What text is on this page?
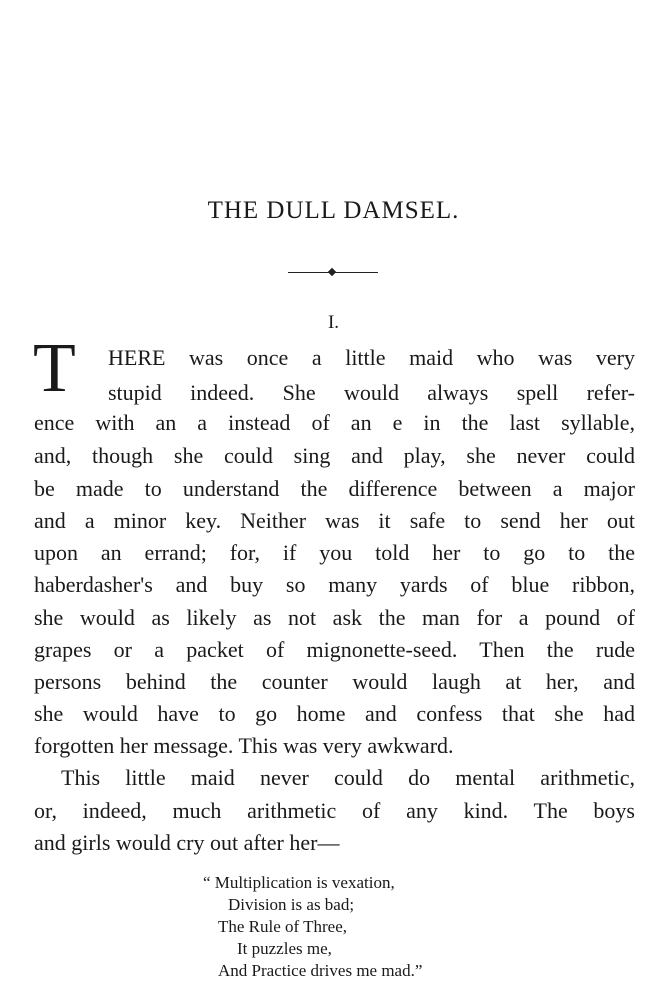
THE DULL DAMSEL.
I.
T HERE was once a little maid who was very
stupid indeed. She would always spell refer-
ence with an a instead of an e in the last syllable,
and, though she could sing and play, she never could
be made to understand the difference between a major
and a minor key. Neither was it safe to send her out
upon an errand; for, if you told her to go to the
haberdasher's and buy so many yards of blue ribbon,
she would as likely as not ask the man for a pound of
grapes or a packet of mignonette-seed. Then the rude
persons behind the counter would laugh at her, and
she would have to go home and confess that she had
forgotten her message. This was very awkward.
This little maid never could do mental arithmetic,
or, indeed, much arithmetic of any kind. The boys
and girls would cry out after her—
“ Multiplication is vexation,
Division is as bad;
The Rule of Three,
It puzzles me,
And Practice drives me mad.”
